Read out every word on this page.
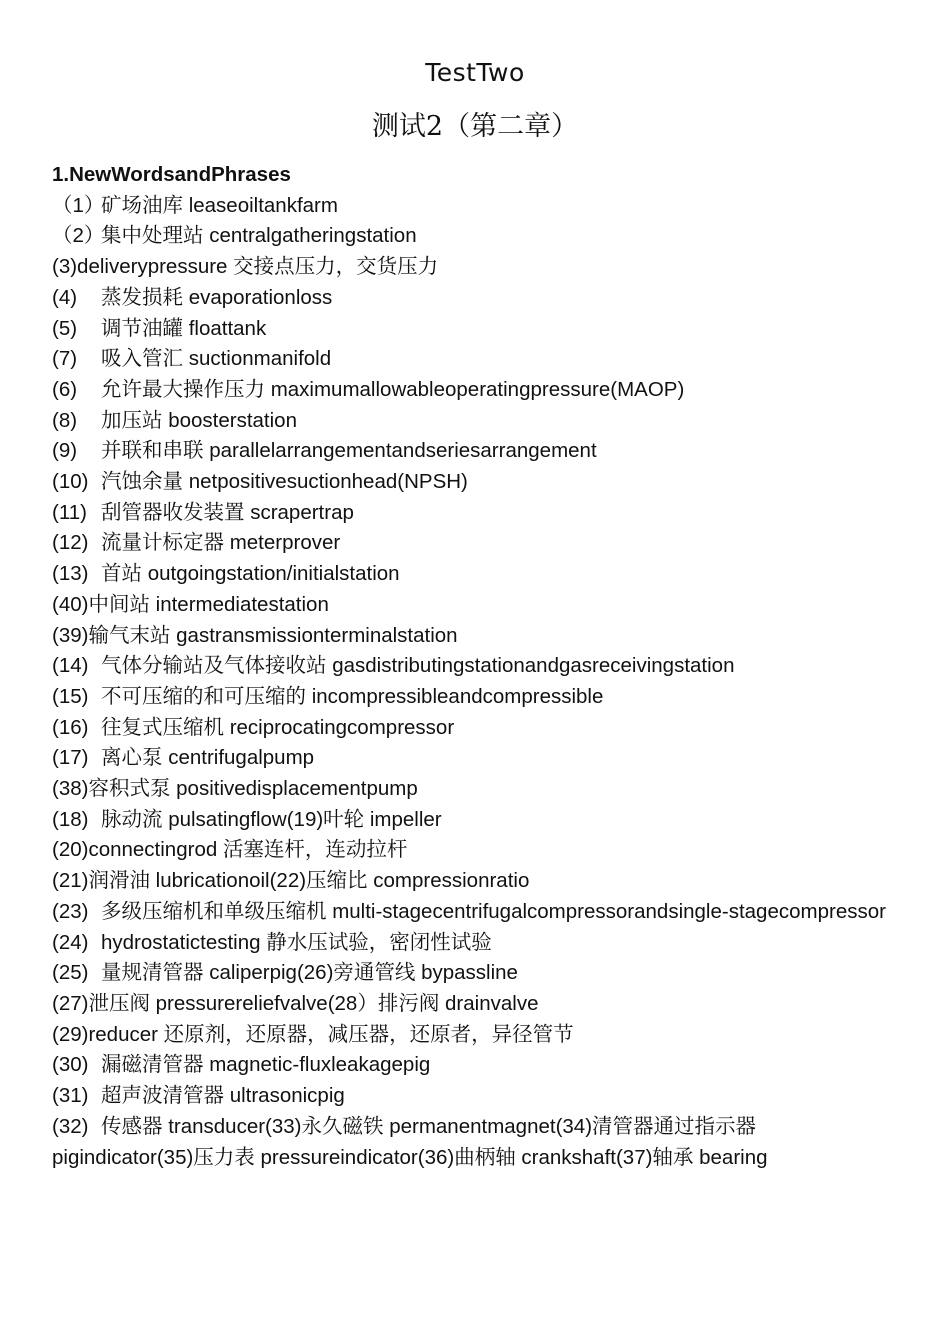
TestTwo
测试2（第二章）
1.NewWordsandPhrases
（1）
矿场油库 leaseoiltankfarm
（2）
集中处理站 centralgatheringstation
(3)deliverypressure 交接点压力，交货压力
(4)	蒸发损耗 evaporationloss
(5)	调节油罐 floattank
(7)	吸入管汇 suctionmanifold
(6)	允许最大操作压力 maximumallowableoperatingpressure(MAOP)
(8)	加压站 boosterstation
(9)	并联和串联 parallelarrangementandseriesarrangement
(10) 汽蚀余量 netpositivesuctionhead(NPSH)
(11) 刮管器收发装置 scrapertrap
(12) 流量计标定器 meterprover
(13) 首站 outgoingstation/initialstation
(40)中间站 intermediatestation
(39)输气末站 gastransmissionterminalstation
(14) 气体分输站及气体接收站 gasdistributingstationandgasreceivingstation
(15) 不可压缩的和可压缩的 incompressibleandcompressible
(16) 往复式压缩机 reciprocatingcompressor
(17) 离心泵 centrifugalpump
(38)容积式泵 positivedisplacementpump
(18) 脉动流 pulsatingflow(19)叶轮 impeller
(20)connectingrod 活塞连杆，连动拉杆
(21)润滑油 lubricationoil(22)压缩比 compressionratio
(23) 多级压缩机和单级压缩机 multi-stagecentrifugalcompressorandsingle-stagecompressor
(24) hydrostatictesting 静水压试验，密闭性试验
(25) 量规清管器 caliperpig(26)旁通管线 bypassline
(27)泄压阀 pressurereliefvalve(28）排污阀 drainvalve
(29)reducer 还原剂，还原器，减压器，还原者，异径管节
(30) 漏磁清管器 magnetic-fluxleakagepig
(31) 超声波清管器 ultrasonicpig
(32) 传感器 transducer(33)永久磁铁 permanentmagnet(34)清管器通过指示器
pigindicator(35)压力表 pressureindicator(36)曲柄轴 crankshaft(37)轴承 bearing
